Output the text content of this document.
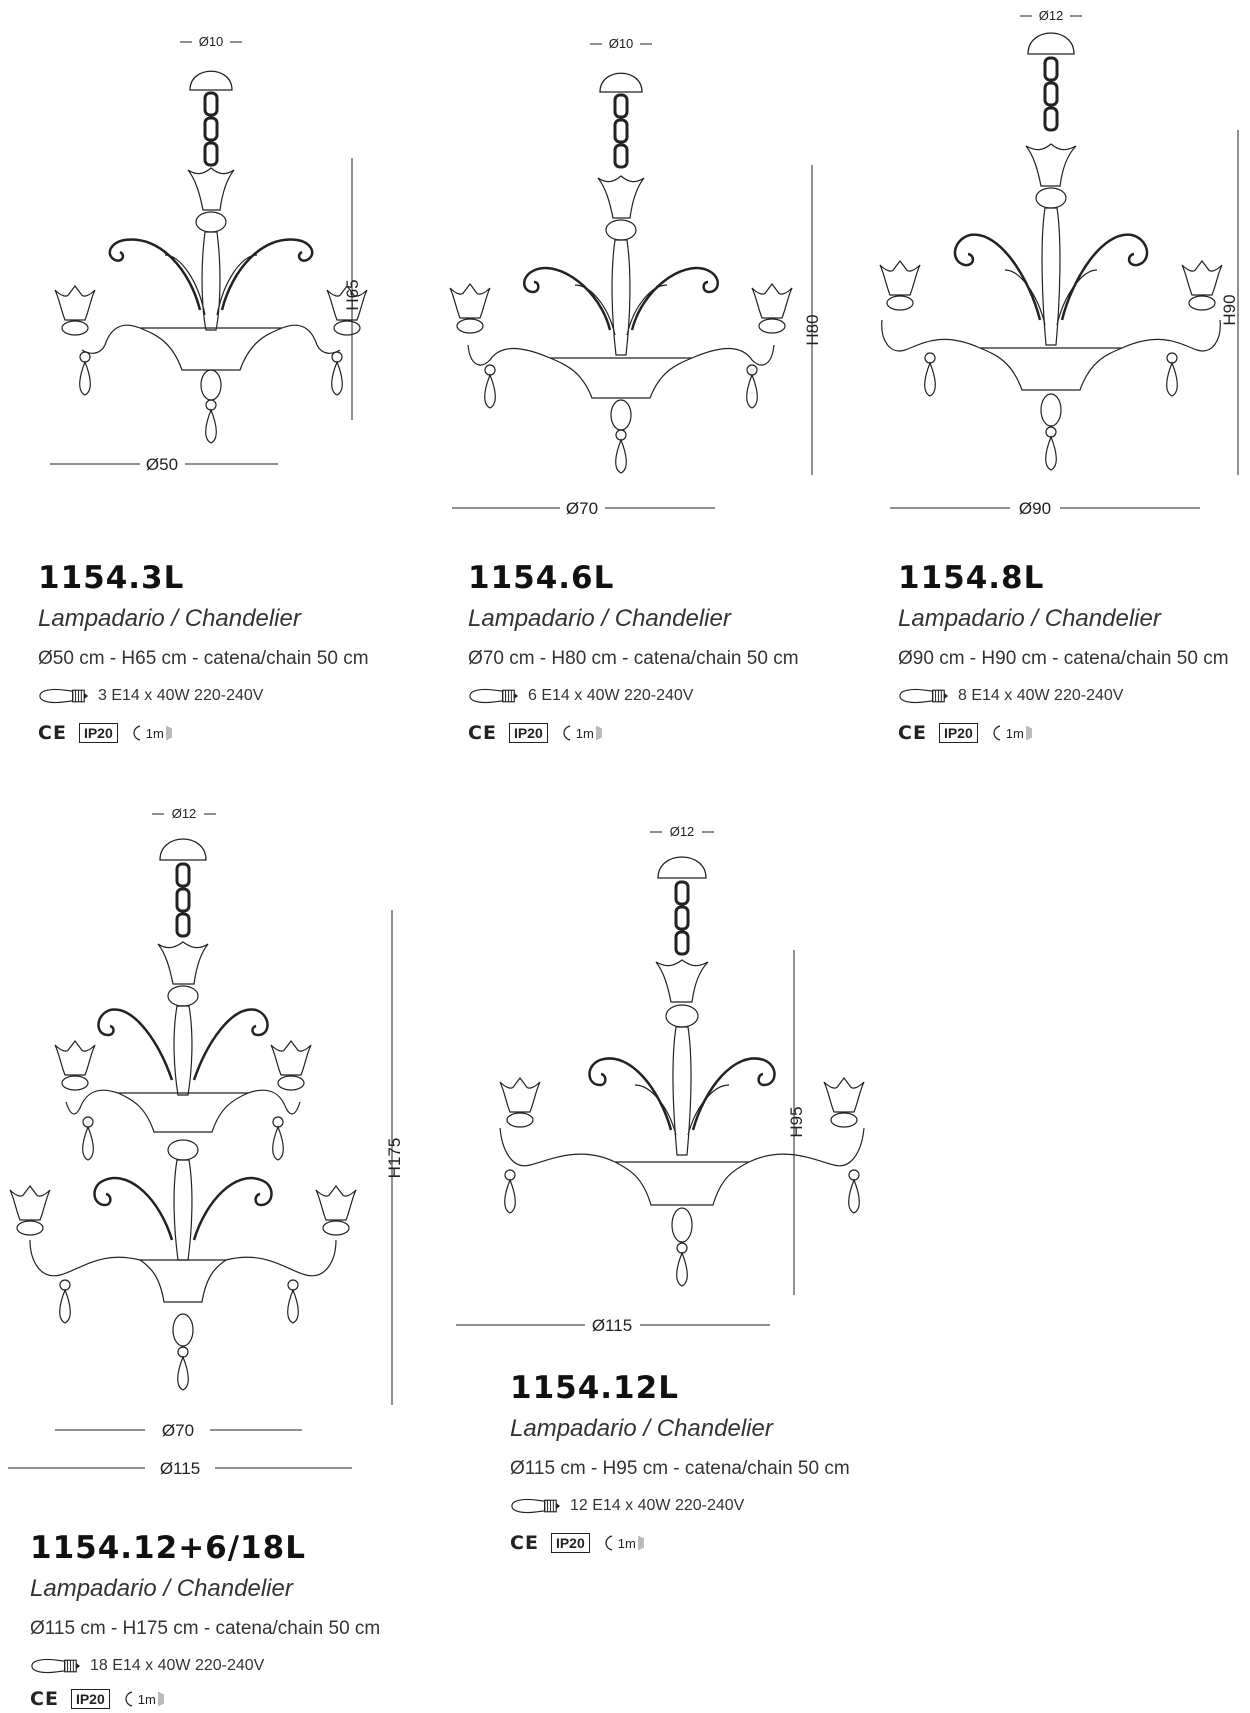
Ø10
H65
Ø50
1154.3L
Lampadario / Chandelier
Ø50 cm - H65 cm - catena/chain 50 cm
3 E14 x 40W 220-240V
CE	IP20	1m
Ø10
H80
Ø70
1154.6L
Lampadario / Chandelier
Ø70 cm - H80 cm - catena/chain 50 cm
6 E14 x 40W 220-240V
CE	IP20	1m
Ø12
H90
Ø90
1154.8L
Lampadario / Chandelier
Ø90 cm - H90 cm - catena/chain 50 cm
8 E14 x 40W 220-240V
CE	IP20	1m
Ø12
H175
Ø70
Ø115
1154.12+6/18L
Lampadario / Chandelier
Ø115 cm - H175 cm - catena/chain 50 cm
18 E14 x 40W 220-240V
CE	IP20	1m
Ø12
H95
Ø115
1154.12L
Lampadario / Chandelier
Ø115 cm - H95 cm - catena/chain 50 cm
12 E14 x 40W 220-240V
CE	IP20	1m
